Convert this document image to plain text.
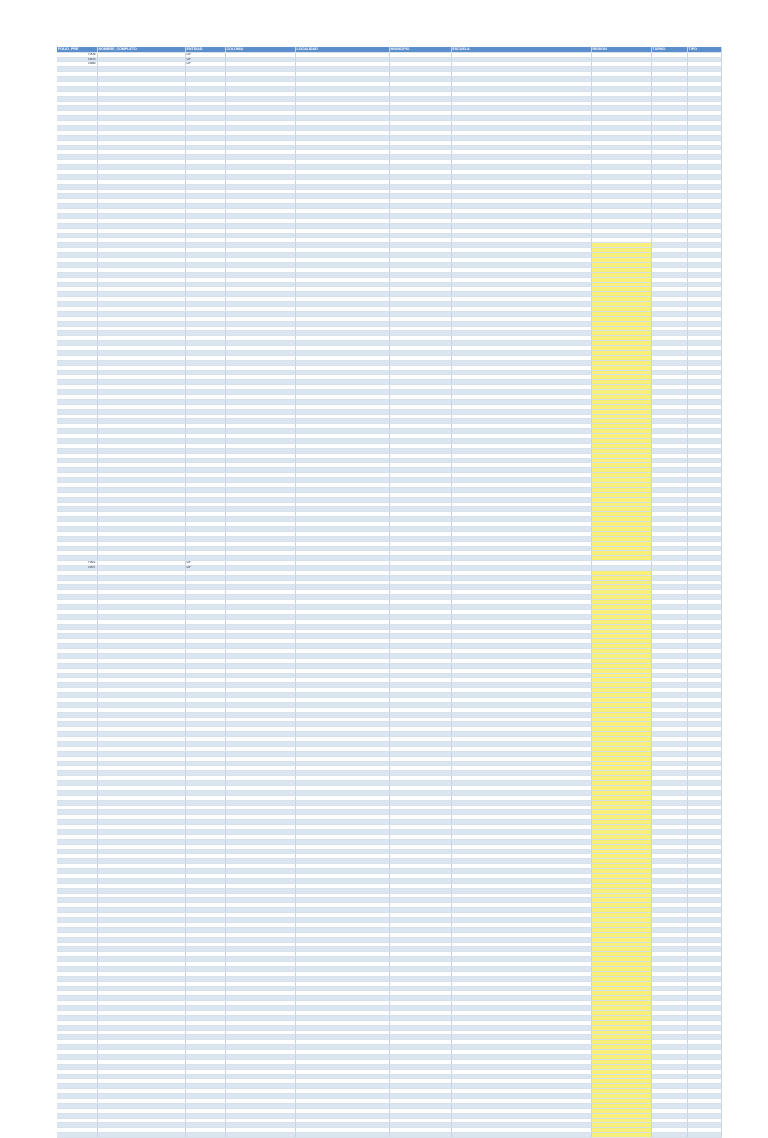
FOLIO_PRE	NOMBRE_COMPLETO	ENTIDAD	COLONIA	LOCALIDAD	MUNICIPIO	ESCUELA	REGION	TURNO	TIPO
7908		DF							
7893		DF							
7886		DF							

7961		DF							
7897		DF							
